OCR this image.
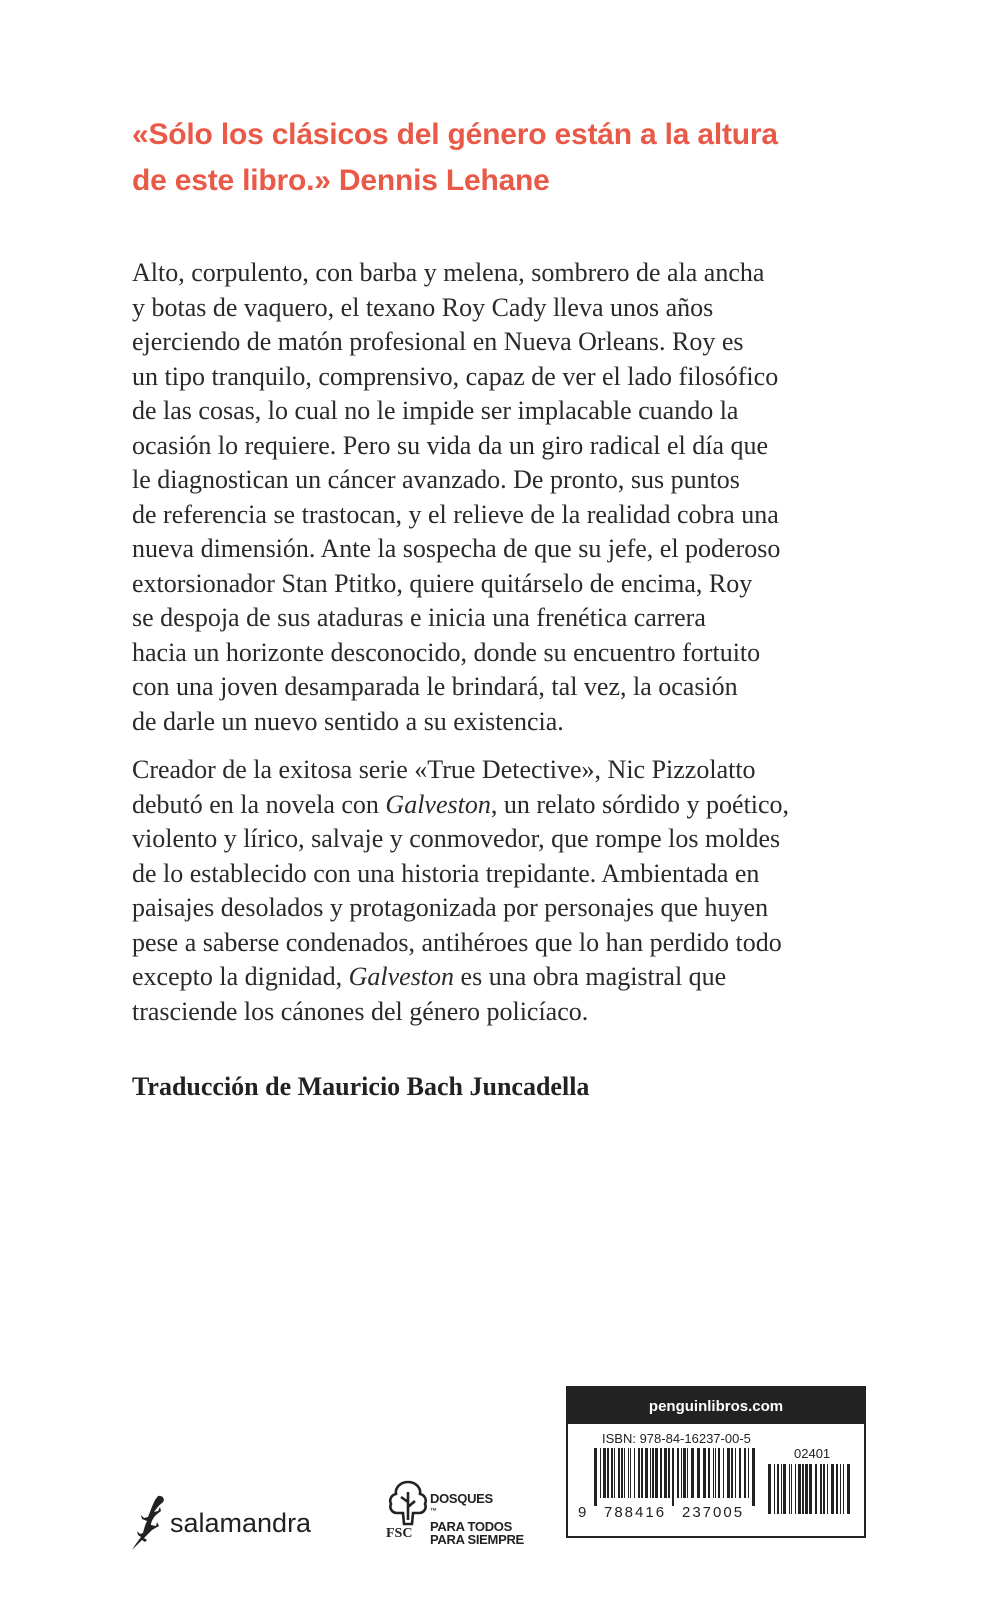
«Sólo los clásicos del género están a la altura
de este libro.» Dennis Lehane

Alto, corpulento, con barba y melena, sombrero de ala ancha
y botas de vaquero, el texano Roy Cady lleva unos años
ejerciendo de matón profesional en Nueva Orleans. Roy es
un tipo tranquilo, comprensivo, capaz de ver el lado filosófico
de las cosas, lo cual no le impide ser implacable cuando la
ocasión lo requiere. Pero su vida da un giro radical el día que
le diagnostican un cáncer avanzado. De pronto, sus puntos
de referencia se trastocan, y el relieve de la realidad cobra una
nueva dimensión. Ante la sospecha de que su jefe, el poderoso
extorsionador Stan Ptitko, quiere quitárselo de encima, Roy
se despoja de sus ataduras e inicia una frenética carrera
hacia un horizonte desconocido, donde su encuentro fortuito
con una joven desamparada le brindará, tal vez, la ocasión
de darle un nuevo sentido a su existencia.

Creador de la exitosa serie «True Detective», Nic Pizzolatto
debutó en la novela con Galveston, un relato sórdido y poético,
violento y lírico, salvaje y conmovedor, que rompe los moldes
de lo establecido con una historia trepidante. Ambientada en
paisajes desolados y protagonizada por personajes que huyen
pese a saberse condenados, antihéroes que lo han perdido todo
excepto la dignidad, Galveston es una obra magistral que
trasciende los cánones del género policíaco.

Traducción de Mauricio Bach Juncadella
salamandra	FSC
DOSQUES
™
PARA TODOS
PARA SIEMPRE
penguinlibros.com
ISBN: 978-84-16237-00-5
02401
9 788416 237005
